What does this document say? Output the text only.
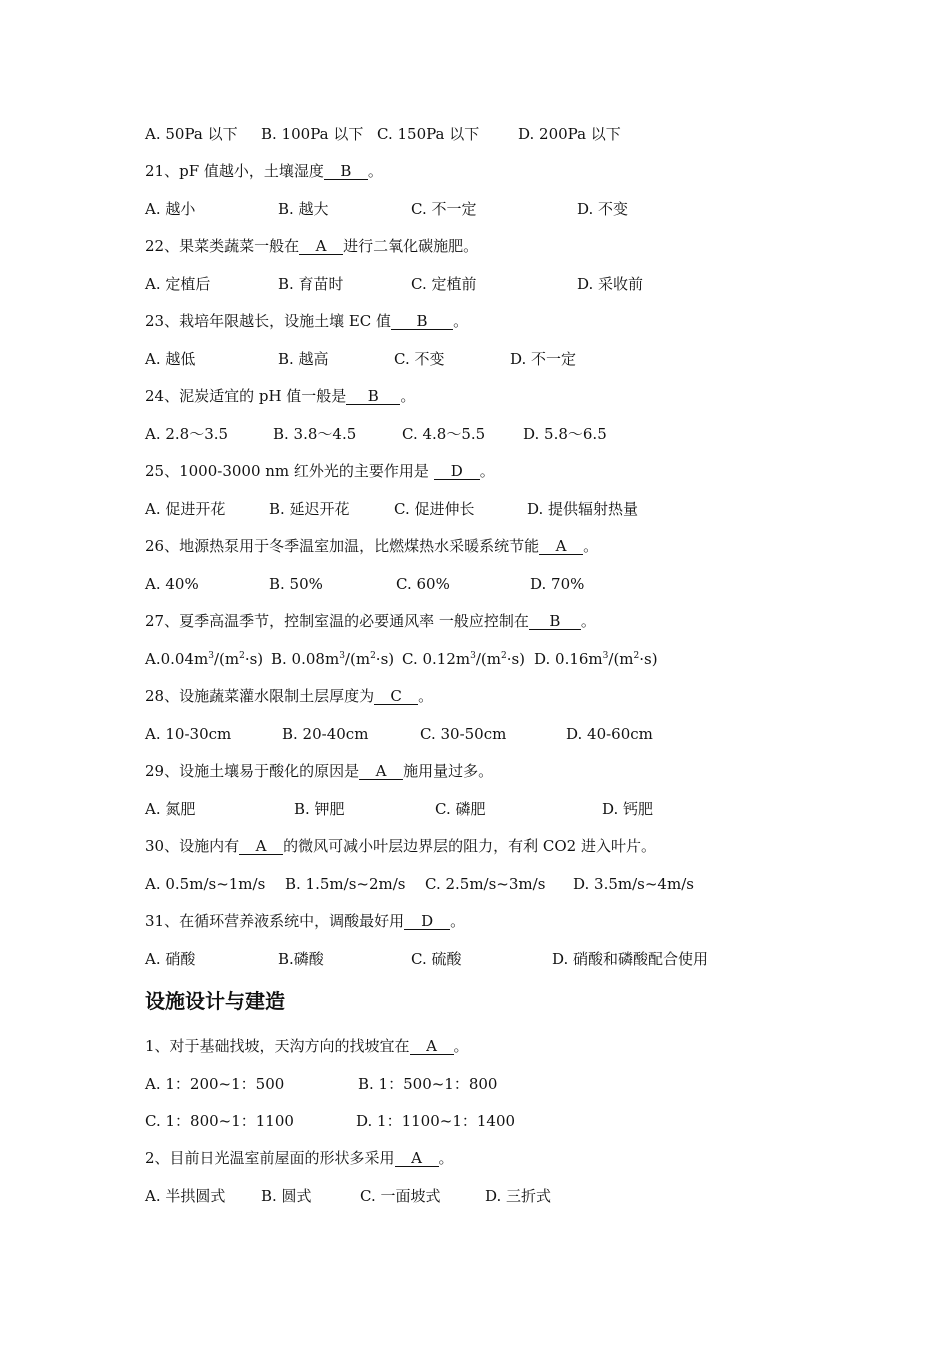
A. 50Pa 以下 B. 100Pa 以下 C. 150Pa 以下	D. 200Pa 以下
21、pF 值越小，土壤湿度 B 。
A. 越小	B. 越大	C. 不一定	D. 不变
22、果菜类蔬菜一般在 A 进行二氧化碳施肥。
A. 定植后	B. 育苗时	C. 定植前	D. 采收前
23、栽培年限越长，设施土壤 EC 值 B 。
A. 越低	B. 越高	C. 不变	D. 不一定
24、泥炭适宜的 pH 值一般是 B 。
A. 2.8～3.5	B. 3.8～4.5	C. 4.8～5.5	D. 5.8～6.5
25、1000-3000 nm 红外光的主要作用是 D 。
A. 促进开花	B. 延迟开花	C. 促进伸长	D. 提供辐射热量
26、地源热泵用于冬季温室加温，比燃煤热水采暖系统节能 A 。
A. 40%	B. 50%	C. 60%	D. 70%
27、夏季高温季节，控制室温的必要通风率 一般应控制在 B 。
$A.0.04m^3/(m^2\cdot s)$ B. $0.08m^3/(m^2\cdot s)$ C. $0.12m^3/(m^2\cdot s)$ D. $0.16m^3/(m^2\cdot s)$
28、设施蔬菜灌水限制土层厚度为 C 。
A. 10-30cm	B. 20-40cm	C. 30-50cm	D. 40-60cm
29、设施土壤易于酸化的原因是 A 施用量过多。
A. 氮肥	B. 钾肥	C. 磷肥	D. 钙肥
30、设施内有 A 的微风可减小叶层边界层的阻力，有利 CO2 进入叶片。
A. 0.5m/s~1m/s B. 1.5m/s~2m/s C. 2.5m/s~3m/s D. 3.5m/s~4m/s
31、在循环营养液系统中，调酸最好用 D 。
A. 硝酸	B.磷酸	C. 硫酸	D. 硝酸和磷酸配合使用
设施设计与建造
1、对于基础找坡，天沟方向的找坡宜在 A 。
A. 1：200~1：500	B. 1：500~1：800
C. 1：800~1：1100	D. 1：1100~1：1400
2、目前日光温室前屋面的形状多采用 A 。
A. 半拱圆式 B. 圆式	C. 一面坡式	D. 三折式
